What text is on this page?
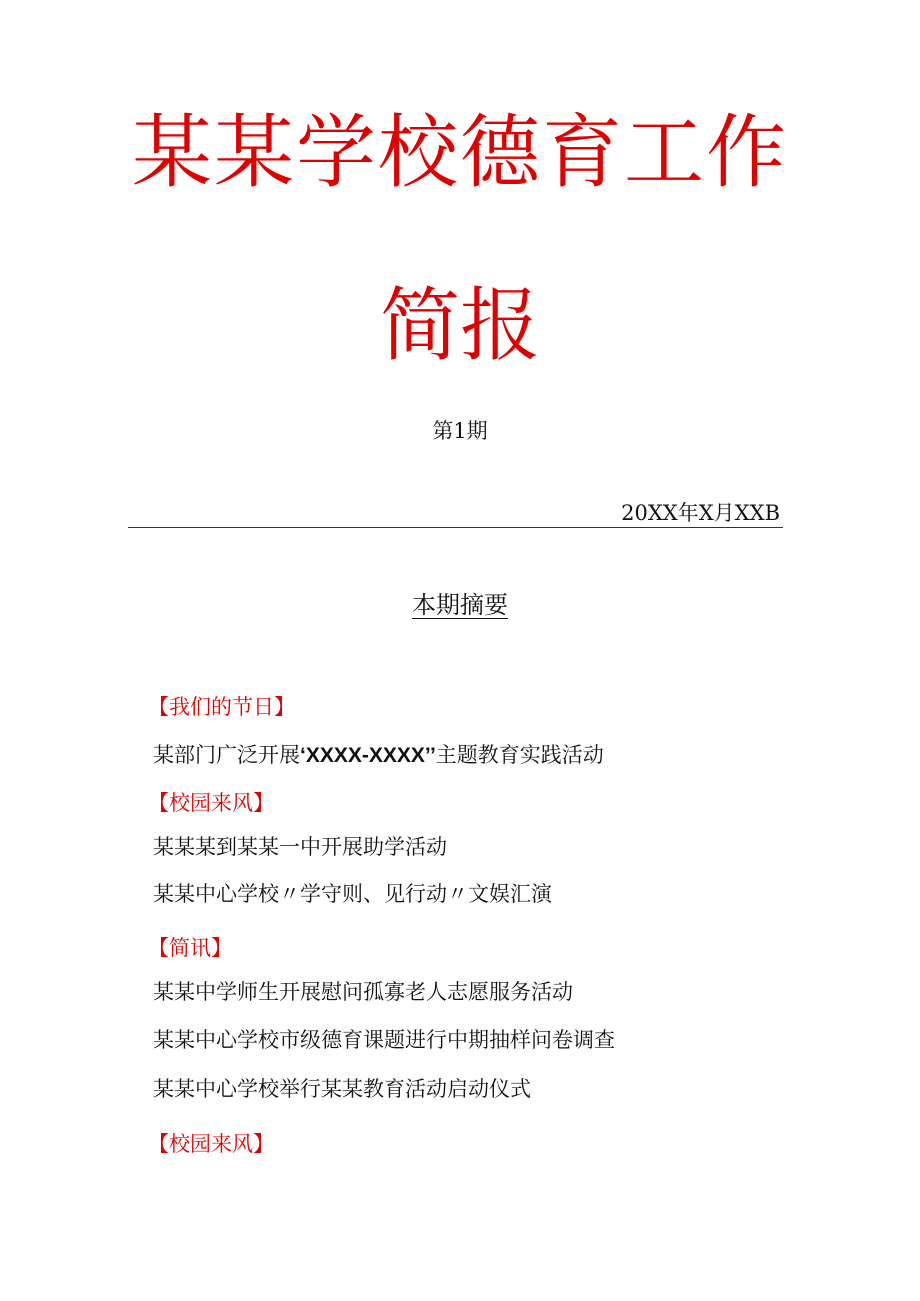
某某学校德育工作
简报
第1期
20XX年X月XXB
本期摘要
【我们的节日】
某部门广泛开展‘XXXX-XXXX’’主题教育实践活动
【校园来风】
某某某到某某一中开展助学活动
某某中心学校〃学守则、见行动〃文娱汇演
【简讯】
某某中学师生开展慰问孤寡老人志愿服务活动
某某中心学校市级德育课题进行中期抽样问卷调查
某某中心学校举行某某教育活动启动仪式
【校园来风】
